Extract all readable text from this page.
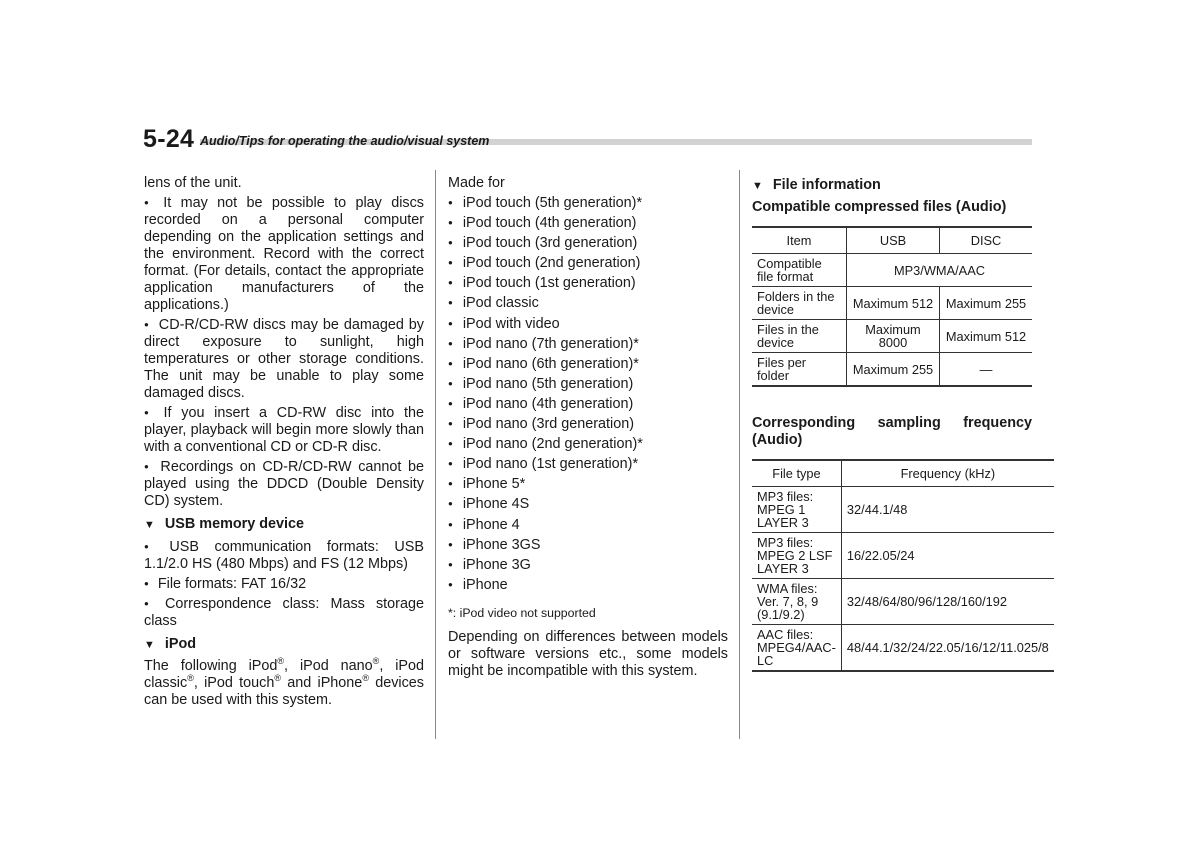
5-24 Audio/Tips for operating the audio/visual system

lens of the unit.

● It may not be possible to play discs recorded on a personal computer depending on the application settings and the environment. Record with the correct format. (For details, contact the appropriate application manufacturers of the applications.)

● CD-R/CD-RW discs may be damaged by direct exposure to sunlight, high temperatures or other storage conditions. The unit may be unable to play some damaged discs.

● If you insert a CD-RW disc into the player, playback will begin more slowly than with a conventional CD or CD-R disc.

● Recordings on CD-R/CD-RW cannot be played using the DDCD (Double Density CD) system.

▼ USB memory device

● USB communication formats: USB 1.1/2.0 HS (480 Mbps) and FS (12 Mbps)

● File formats: FAT 16/32

● Correspondence class: Mass storage class

▼ iPod

The following iPod®, iPod nano®, iPod classic®, iPod touch® and iPhone® devices can be used with this system.

Made for

● iPod touch (5th generation)*
● iPod touch (4th generation)
● iPod touch (3rd generation)
● iPod touch (2nd generation)
● iPod touch (1st generation)
● iPod classic
● iPod with video
● iPod nano (7th generation)*
● iPod nano (6th generation)*
● iPod nano (5th generation)
● iPod nano (4th generation)
● iPod nano (3rd generation)
● iPod nano (2nd generation)*
● iPod nano (1st generation)*
● iPhone 5*
● iPhone 4S
● iPhone 4
● iPhone 3GS
● iPhone 3G
● iPhone

*: iPod video not supported

Depending on differences between models or software versions etc., some models might be incompatible with this system.

▼ File information
Compatible compressed files (Audio)
Item	USB	DISC
Compatible file format	MP3/WMA/AAC	
Folders in the device	Maximum 512	Maximum 255
Files in the device	Maximum 8000	Maximum 512
Files per folder	Maximum 255	—
Corresponding sampling frequency (Audio)
File type	Frequency (kHz)
MP3 files: MPEG 1 LAYER 3	32/44.1/48
MP3 files: MPEG 2 LSF LAYER 3	16/22.05/24
WMA files: Ver. 7, 8, 9 (9.1/9.2)	32/48/64/80/96/128/160/192
AAC files: MPEG4/AAC-LC	48/44.1/32/24/22.05/16/12/11.025/8
